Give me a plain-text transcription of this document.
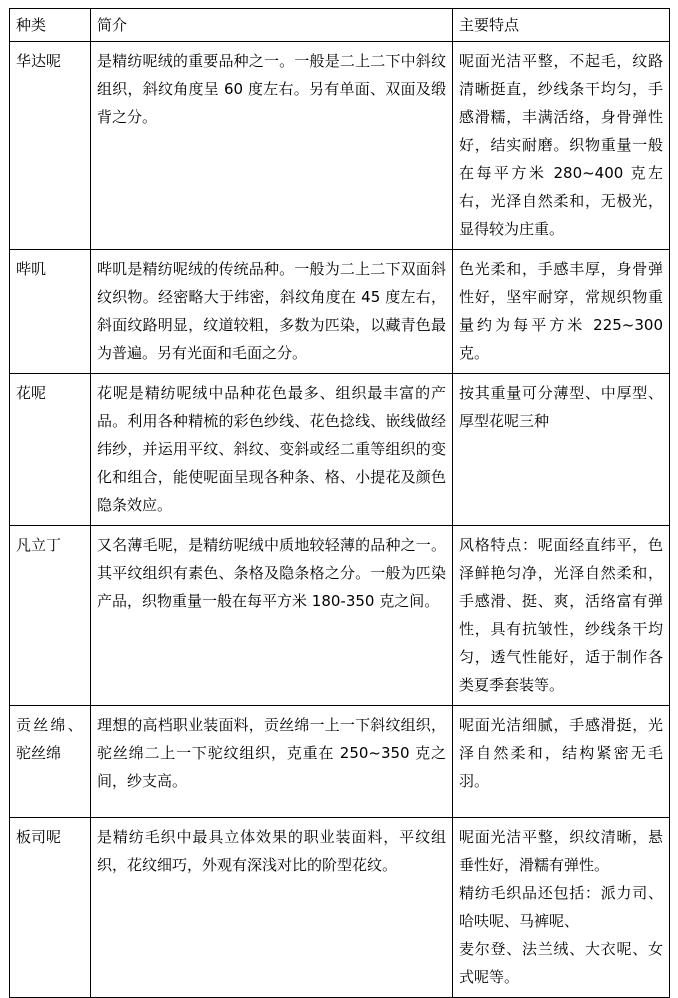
种类	简介	主要特点
华达呢	是精纺呢绒的重要品种之一。一般是二上二下中斜纹组织，斜纹角度呈 60 度左右。另有单面、双面及缎背之分。	呢面光洁平整，不起毛，纹路清晰挺直，纱线条干均匀，手感滑糯，丰满活络，身骨弹性好，结实耐磨。织物重量一般在每平方米 280~400 克左右，光泽自然柔和，无极光，显得较为庄重。
哔叽	哔叽是精纺呢绒的传统品种。一般为二上二下双面斜纹织物。经密略大于纬密，斜纹角度在 45 度左右，斜面纹路明显，纹道较粗，多数为匹染，以藏青色最为普遍。另有光面和毛面之分。	色光柔和，手感丰厚，身骨弹性好，坚牢耐穿，常规织物重量约为每平方米 225~300 克。
花呢	花呢是精纺呢绒中品种花色最多、组织最丰富的产品。利用各种精梳的彩色纱线、花色捻线、嵌线做经纬纱，并运用平纹、斜纹、变斜或经二重等组织的变化和组合，能使呢面呈现各种条、格、小提花及颜色隐条效应。	按其重量可分薄型、中厚型、厚型花呢三种
凡立丁	又名薄毛呢，是精纺呢绒中质地较轻薄的品种之一。其平纹组织有素色、条格及隐条格之分。一般为匹染产品，织物重量一般在每平方米 180-350 克之间。	风格特点：呢面经直纬平，色泽鲜艳匀净，光泽自然柔和，手感滑、挺、爽，活络富有弹性，具有抗皱性，纱线条干均匀，透气性能好，适于制作各类夏季套装等。

贡丝绵、
驼丝绵	理想的高档职业装面料，贡丝绵一上一下斜纹组织，驼丝绵二上一下驼纹组织，克重在 250~350 克之间，纱支高。	呢面光洁细腻，手感滑挺，光泽自然柔和，结构紧密无毛羽。
板司呢	是精纺毛织中最具立体效果的职业装面料，平纹组织，花纹细巧，外观有深浅对比的阶型花纹。	呢面光洁平整，织纹清晰，悬垂性好，滑糯有弹性。
精纺毛织品还包括：派力司、哈呋呢、马裤呢、
麦尔登、法兰绒、大衣呢、女式呢等。
